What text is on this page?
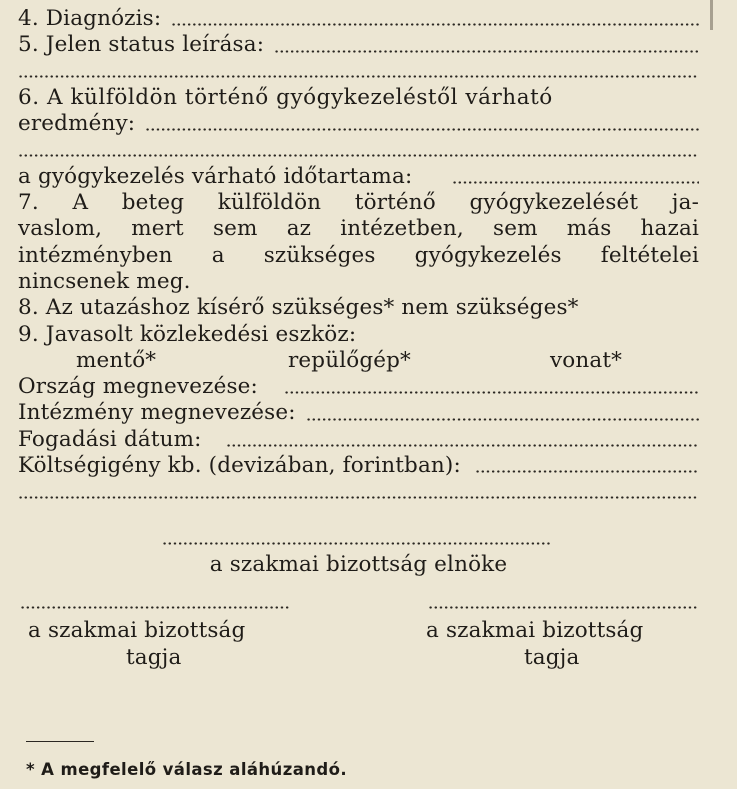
4. Diagnózis:
5. Jelen status leírása:
6. A külföldön történő gyógykezeléstől várható
eredmény:
a gyógykezelés várható időtartama:
7. A beteg külföldön történő gyógykezelését ja-
vaslom, mert sem az intézetben, sem más hazai
intézményben a szükséges gyógykezelés feltételei
nincsenek meg.
8. Az utazáshoz kísérő szükséges* nem szükséges*
9. Javasolt közlekedési eszköz:
mentő*	repülőgép*	vonat*
Ország megnevezése:
Intézmény megnevezése:
Fogadási dátum:
Költségigény kb. (devizában, forintban):
a szakmai bizottság elnöke
a szakmai bizottság
tagja
a szakmai bizottság
tagja
* A megfelelő válasz aláhúzandó.
